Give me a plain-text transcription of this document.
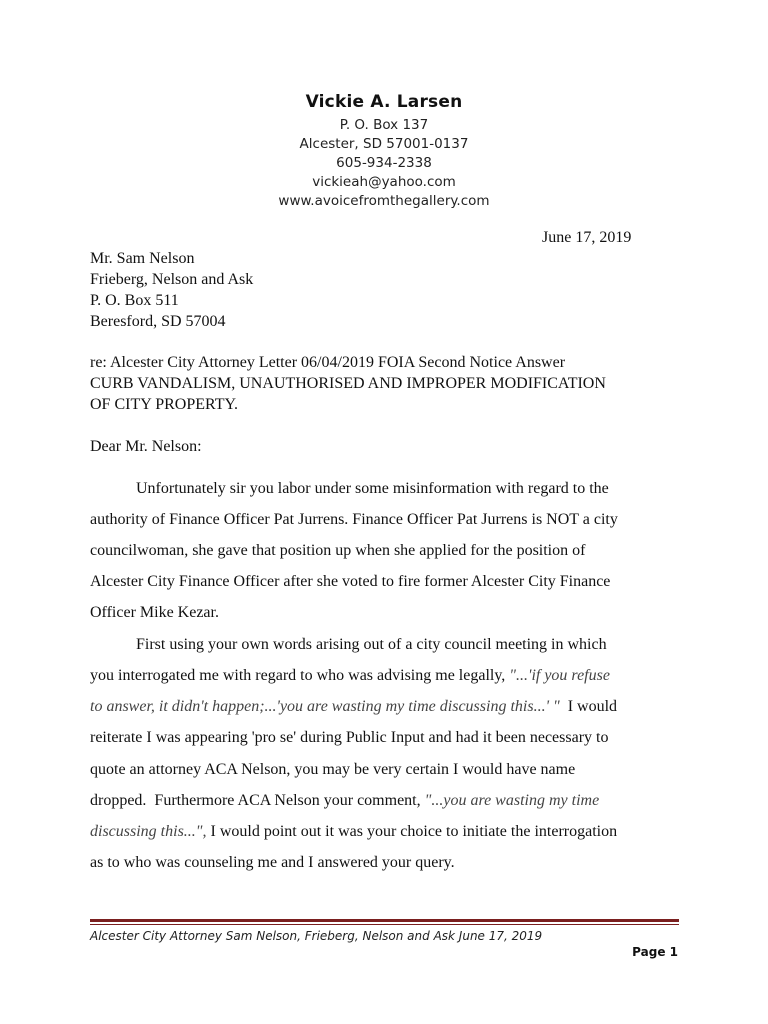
Vickie A. Larsen
P. O. Box 137
Alcester, SD 57001-0137
605-934-2338
vickieah@yahoo.com
www.avoicefromthegallery.com
June 17, 2019
Mr. Sam Nelson
Frieberg, Nelson and Ask
P. O. Box 511
Beresford, SD 57004
re: Alcester City Attorney Letter 06/04/2019 FOIA Second Notice Answer
CURB VANDALISM, UNAUTHORISED AND IMPROPER MODIFICATION
OF CITY PROPERTY.
Dear Mr. Nelson:
Unfortunately sir you labor under some misinformation with regard to the
authority of Finance Officer Pat Jurrens. Finance Officer Pat Jurrens is NOT a city
councilwoman, she gave that position up when she applied for the position of
Alcester City Finance Officer after she voted to fire former Alcester City Finance
Officer Mike Kezar.
First using your own words arising out of a city council meeting in which
you interrogated me with regard to who was advising me legally, "...'if you refuse
to answer, it didn't happen;...'you are wasting my time discussing this...' "  I would
reiterate I was appearing 'pro se' during Public Input and had it been necessary to
quote an attorney ACA Nelson, you may be very certain I would have name
dropped.  Furthermore ACA Nelson your comment, "...you are wasting my time
discussing this...", I would point out it was your choice to initiate the interrogation
as to who was counseling me and I answered your query.
Alcester City Attorney Sam Nelson, Frieberg, Nelson and Ask June 17, 2019
Page 1
